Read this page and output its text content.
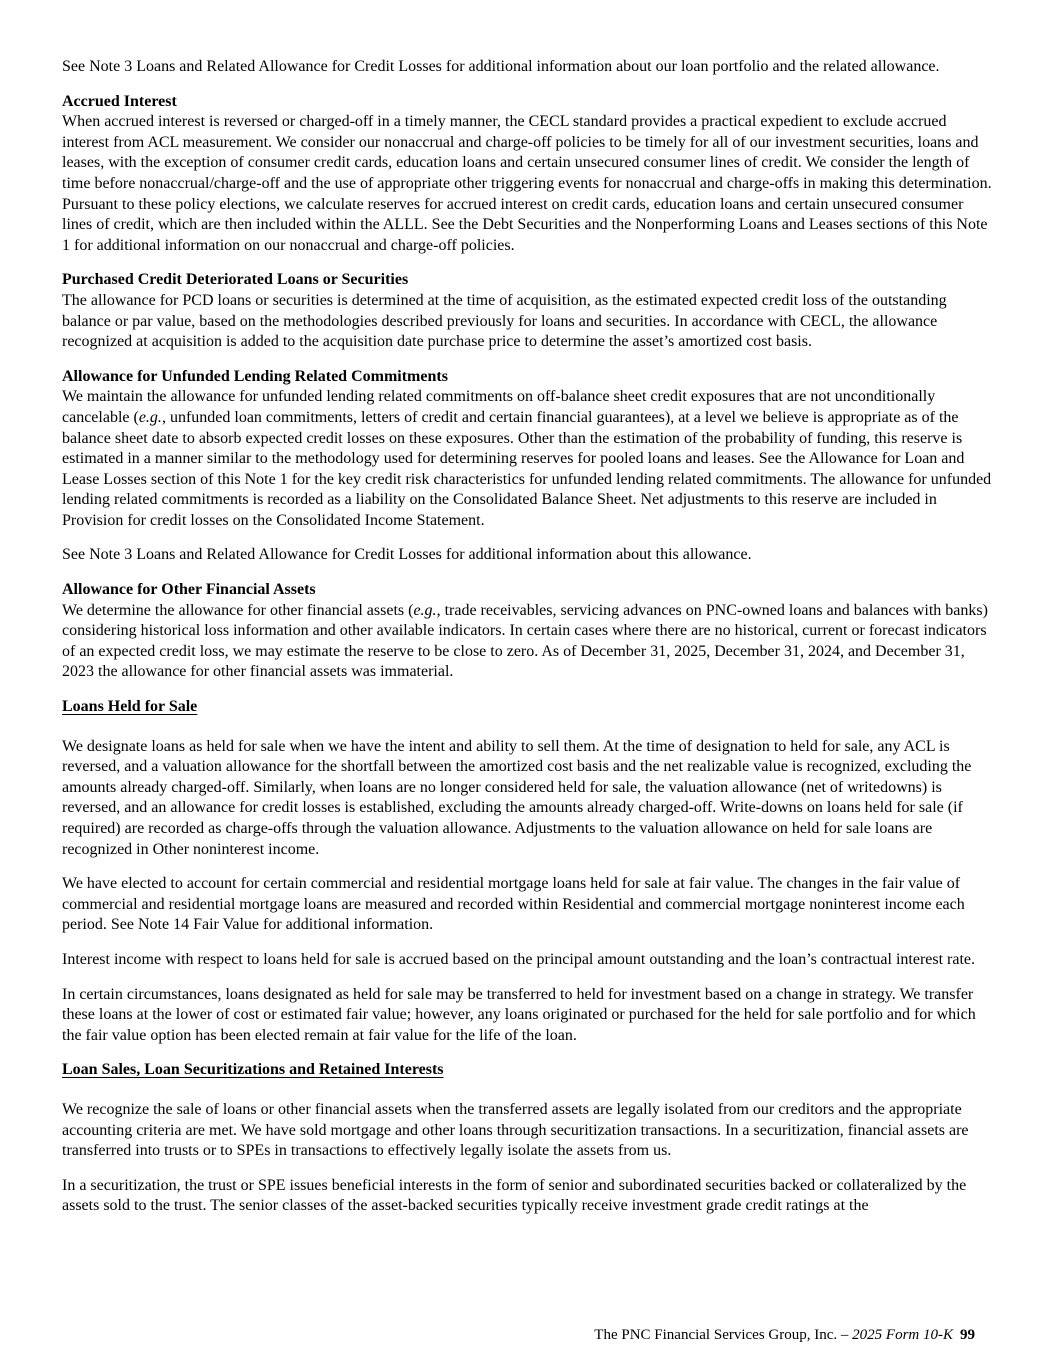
See Note 3 Loans and Related Allowance for Credit Losses for additional information about our loan portfolio and the related allowance.

Accrued Interest

When accrued interest is reversed or charged-off in a timely manner, the CECL standard provides a practical expedient to exclude accrued interest from ACL measurement. We consider our nonaccrual and charge-off policies to be timely for all of our investment securities, loans and leases, with the exception of consumer credit cards, education loans and certain unsecured consumer lines of credit. We consider the length of time before nonaccrual/charge-off and the use of appropriate other triggering events for nonaccrual and charge-offs in making this determination. Pursuant to these policy elections, we calculate reserves for accrued interest on credit cards, education loans and certain unsecured consumer lines of credit, which are then included within the ALLL. See the Debt Securities and the Nonperforming Loans and Leases sections of this Note 1 for additional information on our nonaccrual and charge-off policies.

Purchased Credit Deteriorated Loans or Securities

The allowance for PCD loans or securities is determined at the time of acquisition, as the estimated expected credit loss of the outstanding balance or par value, based on the methodologies described previously for loans and securities. In accordance with CECL, the allowance recognized at acquisition is added to the acquisition date purchase price to determine the asset’s amortized cost basis.

Allowance for Unfunded Lending Related Commitments

We maintain the allowance for unfunded lending related commitments on off-balance sheet credit exposures that are not unconditionally cancelable (e.g., unfunded loan commitments, letters of credit and certain financial guarantees), at a level we believe is appropriate as of the balance sheet date to absorb expected credit losses on these exposures. Other than the estimation of the probability of funding, this reserve is estimated in a manner similar to the methodology used for determining reserves for pooled loans and leases. See the Allowance for Loan and Lease Losses section of this Note 1 for the key credit risk characteristics for unfunded lending related commitments. The allowance for unfunded lending related commitments is recorded as a liability on the Consolidated Balance Sheet. Net adjustments to this reserve are included in Provision for credit losses on the Consolidated Income Statement.

See Note 3 Loans and Related Allowance for Credit Losses for additional information about this allowance.

Allowance for Other Financial Assets

We determine the allowance for other financial assets (e.g., trade receivables, servicing advances on PNC-owned loans and balances with banks) considering historical loss information and other available indicators. In certain cases where there are no historical, current or forecast indicators of an expected credit loss, we may estimate the reserve to be close to zero. As of December 31, 2025, December 31, 2024, and December 31, 2023 the allowance for other financial assets was immaterial.

Loans Held for Sale

We designate loans as held for sale when we have the intent and ability to sell them. At the time of designation to held for sale, any ACL is reversed, and a valuation allowance for the shortfall between the amortized cost basis and the net realizable value is recognized, excluding the amounts already charged-off. Similarly, when loans are no longer considered held for sale, the valuation allowance (net of writedowns) is reversed, and an allowance for credit losses is established, excluding the amounts already charged-off. Write-downs on loans held for sale (if required) are recorded as charge-offs through the valuation allowance. Adjustments to the valuation allowance on held for sale loans are recognized in Other noninterest income.

We have elected to account for certain commercial and residential mortgage loans held for sale at fair value. The changes in the fair value of commercial and residential mortgage loans are measured and recorded within Residential and commercial mortgage noninterest income each period. See Note 14 Fair Value for additional information.

Interest income with respect to loans held for sale is accrued based on the principal amount outstanding and the loan’s contractual interest rate.

In certain circumstances, loans designated as held for sale may be transferred to held for investment based on a change in strategy. We transfer these loans at the lower of cost or estimated fair value; however, any loans originated or purchased for the held for sale portfolio and for which the fair value option has been elected remain at fair value for the life of the loan.

Loan Sales, Loan Securitizations and Retained Interests

We recognize the sale of loans or other financial assets when the transferred assets are legally isolated from our creditors and the appropriate accounting criteria are met. We have sold mortgage and other loans through securitization transactions. In a securitization, financial assets are transferred into trusts or to SPEs in transactions to effectively legally isolate the assets from us.

In a securitization, the trust or SPE issues beneficial interests in the form of senior and subordinated securities backed or collateralized by the assets sold to the trust. The senior classes of the asset-backed securities typically receive investment grade credit ratings at the

The PNC Financial Services Group, Inc. – 2025 Form 10-K 99
